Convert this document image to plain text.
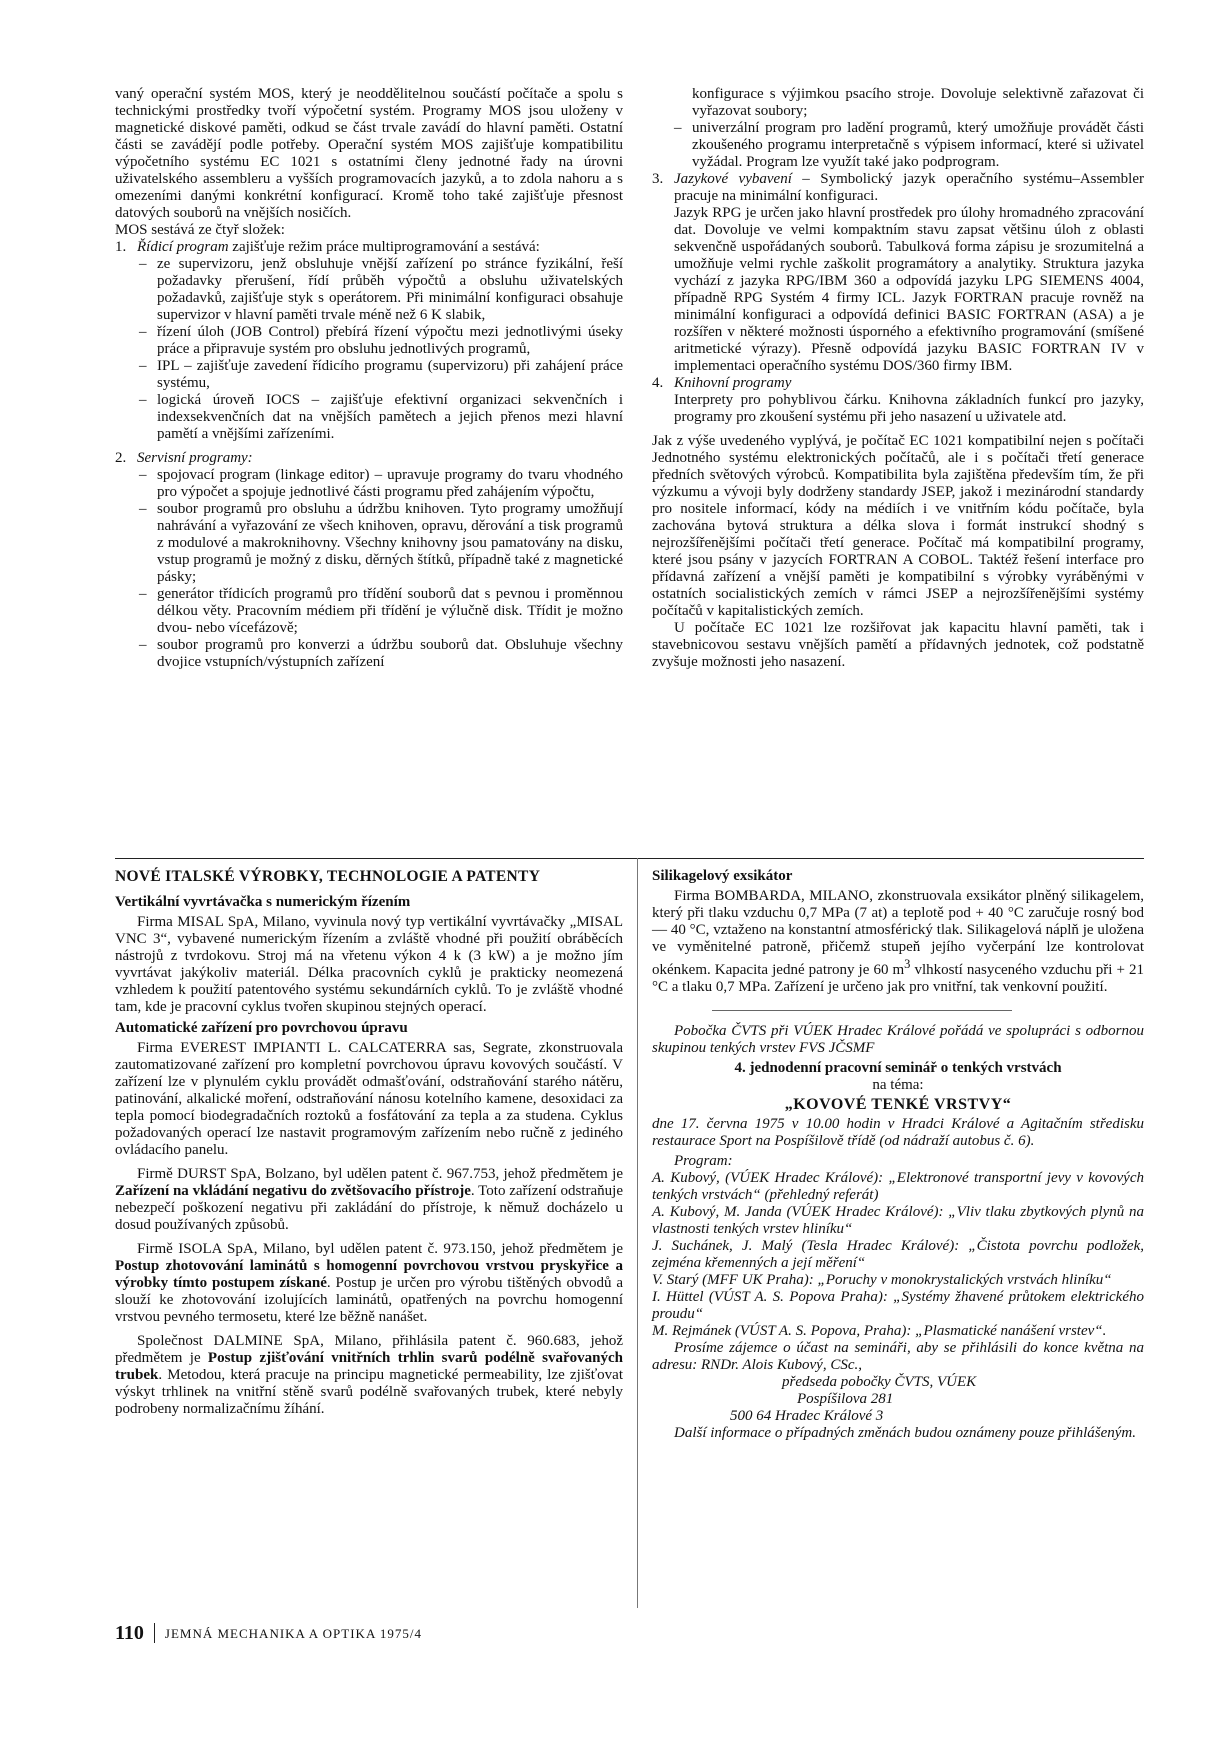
vaný operační systém MOS, který je neoddělitelnou součástí počítače a spolu s technickými prostředky tvoří výpočetní systém. Programy MOS jsou uloženy v magnetické diskové paměti, odkud se část trvale zavádí do hlavní paměti. Ostatní části se zavádějí podle potřeby. Operační systém MOS zajišťuje kompatibilitu výpočetního systému EC 1021 s ostatními členy jednotné řady na úrovni uživatelského assembleru a vyšších programovacích jazyků, a to zdola nahoru a s omezeními danými konkrétní konfigurací. Kromě toho také zajišťuje přesnost datových souborů na vnějších nosičích.

MOS sestává ze čtyř složek:

1. Řídicí program zajišťuje režim práce multiprogramování a sestává:
– ze supervizoru, jenž obsluhuje vnější zařízení po stránce fyzikální, řeší požadavky přerušení, řídí průběh výpočtů a obsluhu uživatelských požadavků, zajišťuje styk s operátorem. Při minimální konfiguraci obsahuje supervizor v hlavní paměti trvale méně než 6 K slabik,
– řízení úloh (JOB Control) přebírá řízení výpočtu mezi jednotlivými úseky práce a připravuje systém pro obsluhu jednotlivých programů,
– IPL – zajišťuje zavedení řídicího programu (supervizoru) při zahájení práce systému,
– logická úroveň IOCS – zajišťuje efektivní organizaci sekvenčních i indexsekvenčních dat na vnějších pamětech a jejich přenos mezi hlavní pamětí a vnějšími zařízeními.
2. Servisní programy:
– spojovací program (linkage editor) – upravuje programy do tvaru vhodného pro výpočet a spojuje jednotlivé části programu před zahájením výpočtu,
– soubor programů pro obsluhu a údržbu knihoven. Tyto programy umožňují nahrávání a vyřazování ze všech knihoven, opravu, děrování a tisk programů z modulové a makroknihovny. Všechny knihovny jsou pamatovány na disku, vstup programů je možný z disku, děrných štítků, případně také z magnetické pásky;
– generátor třídicích programů pro třídění souborů dat s pevnou i proměnnou délkou věty. Pracovním médiem při třídění je výlučně disk. Třídit je možno dvou- nebo vícefázově;
– soubor programů pro konverzi a údržbu souborů dat. Obsluhuje všechny dvojice vstupních/výstupních zařízení
konfigurace s výjimkou psacího stroje. Dovoluje selektivně zařazovat či vyřazovat soubory;
– univerzální program pro ladění programů, který umožňuje provádět části zkoušeného programu interpretačně s výpisem informací, které si uživatel vyžádal. Program lze využít také jako podprogram.
3. Jazykové vybavení – Symbolický jazyk operačního systému–Assembler pracuje na minimální konfiguraci.

Jazyk RPG je určen jako hlavní prostředek pro úlohy hromadného zpracování dat. Dovoluje ve velmi kompaktním stavu zapsat většinu úloh z oblasti sekvenčně uspořádaných souborů. Tabulková forma zápisu je srozumitelná a umožňuje velmi rychle zaškolit programátory a analytiky. Struktura jazyka vychází z jazyka RPG/IBM 360 a odpovídá jazyku LPG SIEMENS 4004, případně RPG Systém 4 firmy ICL. Jazyk FORTRAN pracuje rovněž na minimální konfiguraci a odpovídá definici BASIC FORTRAN (ASA) a je rozšířen v některé možnosti úsporného a efektivního programování (smíšené aritmetické výrazy). Přesně odpovídá jazyku BASIC FORTRAN IV v implementaci operačního systému DOS/360 firmy IBM.

4. Knihovní programy

Interprety pro pohyblivou čárku. Knihovna základních funkcí pro jazyky, programy pro zkoušení systému při jeho nasazení u uživatele atd.

Jak z výše uvedeného vyplývá, je počítač EC 1021 kompatibilní nejen s počítači Jednotného systému elektronických počítačů, ale i s počítači třetí generace předních světových výrobců. Kompatibilita byla zajištěna především tím, že při výzkumu a vývoji byly dodrženy standardy JSEP, jakož i mezinárodní standardy pro nositele informací, kódy na médiích i ve vnitřním kódu počítače, byla zachována bytová struktura a délka slova i formát instrukcí shodný s nejrozšířenějšími počítači třetí generace. Počítač má kompatibilní programy, které jsou psány v jazycích FORTRAN A COBOL. Taktéž řešení interface pro přídavná zařízení a vnější paměti je kompatibilní s výrobky vyráběnými v ostatních socialistických zemích v rámci JSEP a nejrozšířenějšími systémy počítačů v kapitalistických zemích.

U počítače EC 1021 lze rozšiřovat jak kapacitu hlavní paměti, tak i stavebnicovou sestavu vnějších pamětí a přídavných jednotek, což podstatně zvyšuje možnosti jeho nasazení.

NOVÉ ITALSKÉ VÝROBKY, TECHNOLOGIE A PATENTY
Vertikální vyvrtávačka s numerickým řízením

Firma MISAL SpA, Milano, vyvinula nový typ vertikální vyvrtávačky „MISAL VNC 3“, vybavené numerickým řízením a zvláště vhodné při použití obráběcích nástrojů z tvrdokovu. Stroj má na vřetenu výkon 4 k (3 kW) a je možno jím vyvrtávat jakýkoliv materiál. Délka pracovních cyklů je prakticky neomezená vzhledem k použití patentového systému sekundárních cyklů. To je zvláště vhodné tam, kde je pracovní cyklus tvořen skupinou stejných operací.

Automatické zařízení pro povrchovou úpravu

Firma EVEREST IMPIANTI L. CALCATERRA sas, Segrate, zkonstruovala zautomatizované zařízení pro kompletní povrchovou úpravu kovových součástí. V zařízení lze v plynulém cyklu provádět odmašťování, odstraňování starého nátěru, patinování, alkalické moření, odstraňování nánosu kotelního kamene, desoxidaci za tepla pomocí biodegradačních roztoků a fosfátování za tepla a za studena. Cyklus požadovaných operací lze nastavit programovým zařízením nebo ručně z jediného ovládacího panelu.

Firmě DURST SpA, Bolzano, byl udělen patent č. 967.753, jehož předmětem je Zařízení na vkládání negativu do zvětšovacího přístroje. Toto zařízení odstraňuje nebezpečí poškození negativu při zakládání do přístroje, k němuž docházelo u dosud používaných způsobů.

Firmě ISOLA SpA, Milano, byl udělen patent č. 973.150, jehož předmětem je Postup zhotovování laminátů s homogenní povrchovou vrstvou pryskyřice a výrobky tímto postupem získané. Postup je určen pro výrobu tištěných obvodů a slouží ke zhotovování izolujících laminátů, opatřených na povrchu homogenní vrstvou pevného termosetu, které lze běžně nanášet.

Společnost DALMINE SpA, Milano, přihlásila patent č. 960.683, jehož předmětem je Postup zjišťování vnitřních trhlin svarů podélně svařovaných trubek. Metodou, která pracuje na principu magnetické permeability, lze zjišťovat výskyt trhlinek na vnitřní stěně svarů podélně svařovaných trubek, které nebyly podrobeny normalizačnímu žíhání.

Silikagelový exsikátor

Firma BOMBARDA, MILANO, zkonstruovala exsikátor plněný silikagelem, který při tlaku vzduchu 0,7 MPa (7 at) a teplotě pod + 40 °C zaručuje rosný bod — 40 °C, vztaženo na konstantní atmosférický tlak. Silikagelová náplň je uložena ve vyměnitelné patroně, přičemž stupeň jejího vyčerpání lze kontrolovat okénkem. Kapacita jedné patrony je 60 $m^3$ vlhkostí nasyceného vzduchu při + 21 °C a tlaku 0,7 MPa. Zařízení je určeno jak pro vnitřní, tak venkovní použití.

Pobočka ČVTS při VÚEK Hradec Králové pořádá ve spolupráci s odbornou skupinou tenkých vrstev FVS JČSMF

4. jednodenní pracovní seminář o tenkých vrstvách

na téma:

„KOVOVÉ TENKÉ VRSTVY“

dne 17. června 1975 v 10.00 hodin v Hradci Králové a Agitačním středisku restaurace Sport na Pospíšilově třídě (od nádraží autobus č. 6).

Program:

A. Kubový, (VÚEK Hradec Králové): „Elektronové transportní jevy v kovových tenkých vrstvách“ (přehledný referát)

A. Kubový, M. Janda (VÚEK Hradec Králové): „Vliv tlaku zbytkových plynů na vlastnosti tenkých vrstev hliníku“

J. Suchánek, J. Malý (Tesla Hradec Králové): „Čistota povrchu podložek, zejména křemenných a její měření“

V. Starý (MFF UK Praha): „Poruchy v monokrystalických vrstvách hliníku“

I. Hüttel (VÚST A. S. Popova Praha): „Systémy žhavené průtokem elektrického proudu“

M. Rejmánek (VÚST A. S. Popova, Praha): „Plasmatické nanášení vrstev“.

Prosíme zájemce o účast na semináři, aby se přihlásili do konce května na adresu: RNDr. Alois Kubový, CSc.,

předseda pobočky ČVTS, VÚEK

Pospíšilova 281

500 64 Hradec Králové 3

Další informace o případných změnách budou oznámeny pouze přihlášeným.

110 JEMNÁ MECHANIKA A OPTIKA 1975/4
